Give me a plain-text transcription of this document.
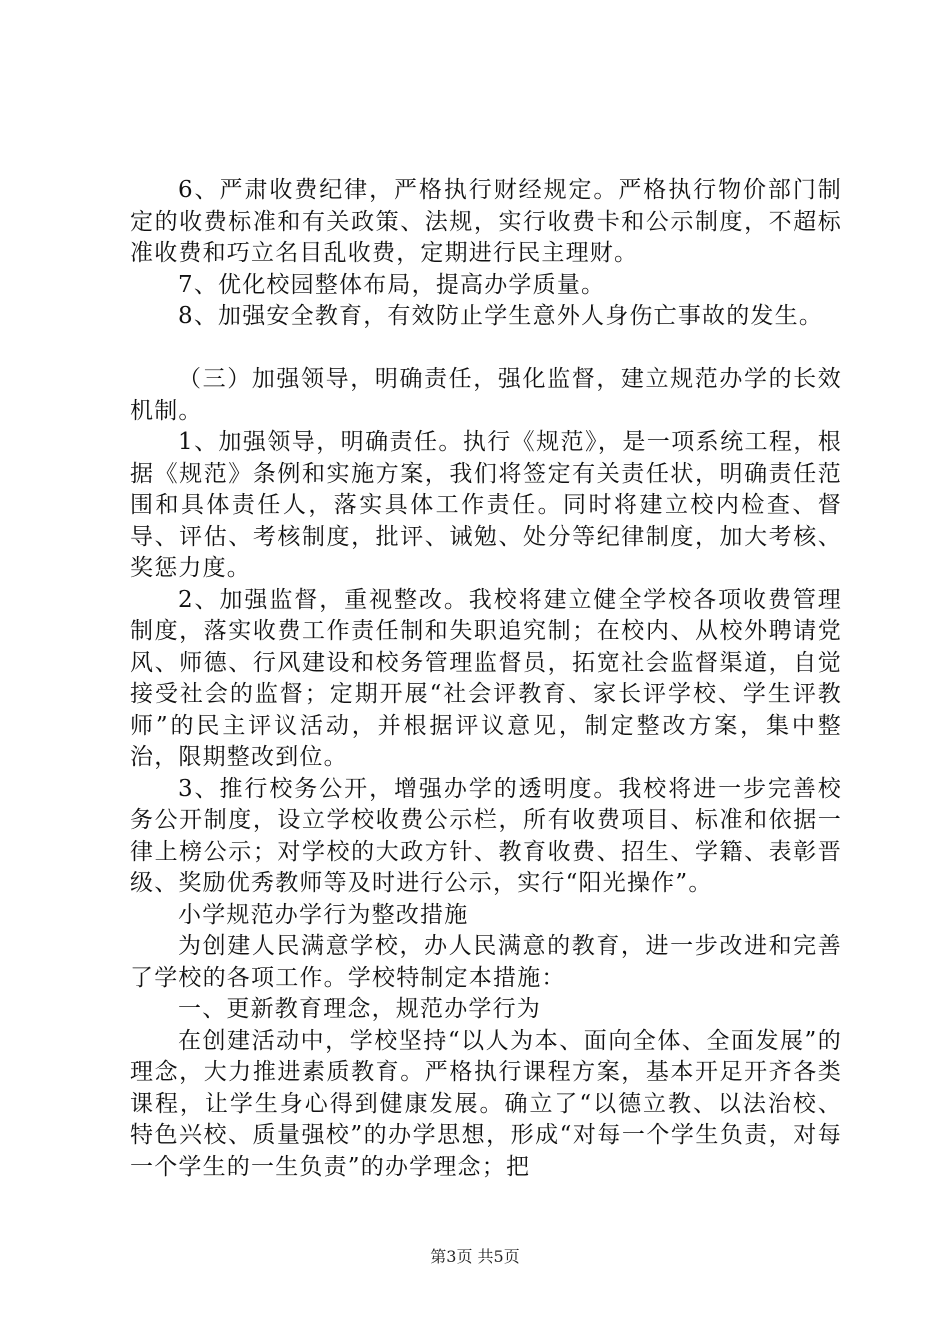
6、严肃收费纪律，严格执行财经规定。严格执行物价部门制定的收费标准和有关政策、法规，实行收费卡和公示制度，不超标准收费和巧立名目乱收费，定期进行民主理财。

7、优化校园整体布局，提高办学质量。

8、加强安全教育，有效防止学生意外人身伤亡事故的发生。

（三）加强领导，明确责任，强化监督，建立规范办学的长效机制。

1、加强领导，明确责任。执行《规范》，是一项系统工程，根据《规范》条例和实施方案，我们将签定有关责任状，明确责任范围和具体责任人，落实具体工作责任。同时将建立校内检查、督导、评估、考核制度，批评、诫勉、处分等纪律制度，加大考核、奖惩力度。

2、加强监督，重视整改。我校将建立健全学校各项收费管理制度，落实收费工作责任制和失职追究制；在校内、从校外聘请党风、师德、行风建设和校务管理监督员，拓宽社会监督渠道，自觉接受社会的监督；定期开展“社会评教育、家长评学校、学生评教师”的民主评议活动，并根据评议意见，制定整改方案，集中整治，限期整改到位。

3、推行校务公开，增强办学的透明度。我校将进一步完善校务公开制度，设立学校收费公示栏，所有收费项目、标准和依据一律上榜公示；对学校的大政方针、教育收费、招生、学籍、表彰晋级、奖励优秀教师等及时进行公示，实行“阳光操作”。

小学规范办学行为整改措施

为创建人民满意学校，办人民满意的教育，进一步改进和完善了学校的各项工作。学校特制定本措施：

一、更新教育理念，规范办学行为

在创建活动中，学校坚持“以人为本、面向全体、全面发展”的理念，大力推进素质教育。严格执行课程方案，基本开足开齐各类课程，让学生身心得到健康发展。确立了“以德立教、以法治校、特色兴校、质量强校”的办学思想，形成“对每一个学生负责，对每一个学生的一生负责”的办学理念；把

第3页 共5页
